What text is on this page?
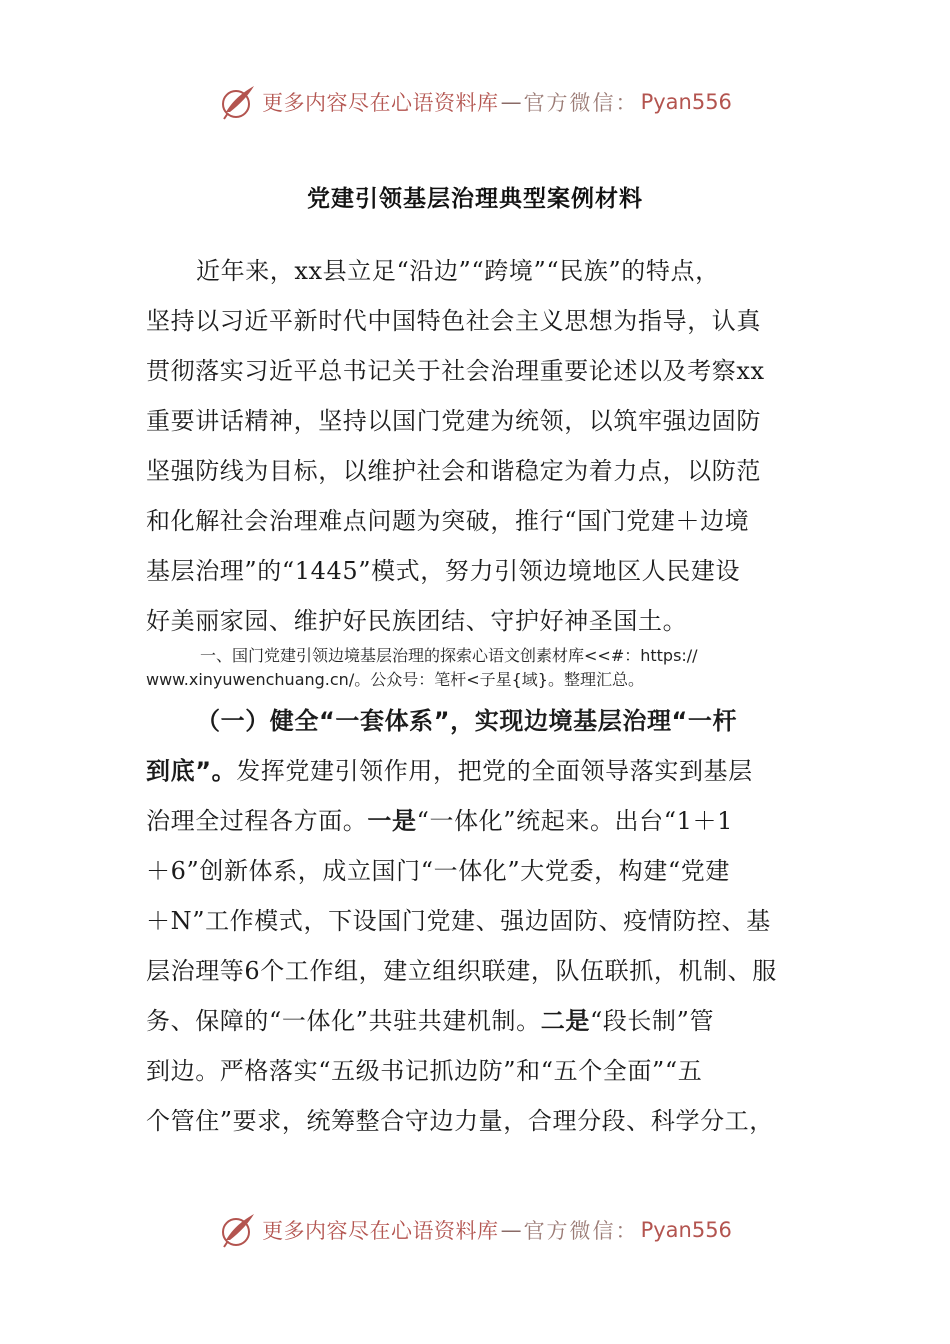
更多内容尽在心语资料库 — 官方微信： Pyan556
党建引领基层治理典型案例材料
近年来，xx县立足“沿边”“跨境”“民族”的特点，
坚持以习近平新时代中国特色社会主义思想为指导，认真
贯彻落实习近平总书记关于社会治理重要论述以及考察xx
重要讲话精神，坚持以国门党建为统领，以筑牢强边固防
坚强防线为目标，以维护社会和谐稳定为着力点，以防范
和化解社会治理难点问题为突破，推行“国门党建＋边境
基层治理”的“1445”模式，努力引领边境地区人民建设
好美丽家园、维护好民族团结、守护好神圣国土。
一、国门党建引领边境基层治理的探索心语文创素材库<<#：https://
www.xinyuwenchuang.cn/。公众号：笔杆<子星{域}。整理汇总。
（一）健全“一套体系”，实现边境基层治理“一杆
到底”。发挥党建引领作用，把党的全面领导落实到基层
治理全过程各方面。一是“一体化”统起来。出台“1＋1
＋6”创新体系，成立国门“一体化”大党委，构建“党建
＋N”工作模式，下设国门党建、强边固防、疫情防控、基
层治理等6个工作组，建立组织联建，队伍联抓，机制、服
务、保障的“一体化”共驻共建机制。二是“段长制”管
到边。严格落实“五级书记抓边防”和“五个全面”“五
个管住”要求，统筹整合守边力量，合理分段、科学分工，
更多内容尽在心语资料库 — 官方微信： Pyan556
